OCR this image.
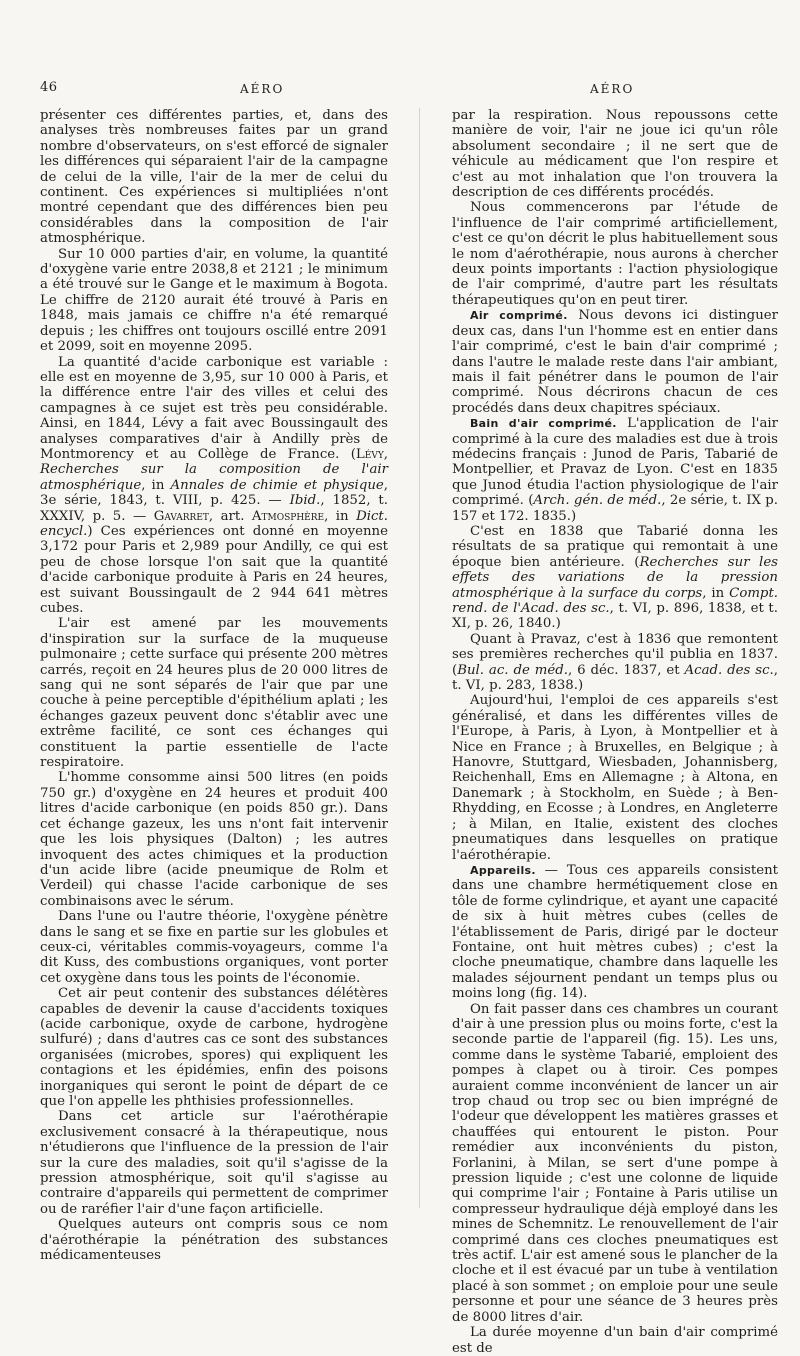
46	AÉRO	AÉRO

présenter ces différentes parties, et, dans des analyses très nombreuses faites par un grand nombre d'observateurs, on s'est efforcé de signaler les différences qui séparaient l'air de la campagne de celui de la ville, l'air de la mer de celui du continent. Ces expériences si multipliées n'ont montré cependant que des différences bien peu considérables dans la composition de l'air atmosphérique.

Sur 10 000 parties d'air, en volume, la quantité d'oxygène varie entre 2038,8 et 2121 ; le minimum a été trouvé sur le Gange et le maximum à Bogota. Le chiffre de 2120 aurait été trouvé à Paris en 1848, mais jamais ce chiffre n'a été remarqué depuis ; les chiffres ont toujours oscillé entre 2091 et 2099, soit en moyenne 2095.

La quantité d'acide carbonique est variable : elle est en moyenne de 3,95, sur 10 000 à Paris, et la différence entre l'air des villes et celui des campagnes à ce sujet est très peu considérable. Ainsi, en 1844, Lévy a fait avec Boussingault des analyses comparatives d'air à Andilly près de Montmorency et au Collège de France. (Lévy, Recherches sur la composition de l'air atmosphérique, in Annales de chimie et physique, 3e série, 1843, t. VIII, p. 425. — Ibid., 1852, t. XXXIV, p. 5. — Gavarret, art. Atmosphère, in Dict. encycl.) Ces expériences ont donné en moyenne 3,172 pour Paris et 2,989 pour Andilly, ce qui est peu de chose lorsque l'on sait que la quantité d'acide carbonique produite à Paris en 24 heures, est suivant Boussingault de 2 944 641 mètres cubes.

L'air est amené par les mouvements d'inspiration sur la surface de la muqueuse pulmonaire ; cette surface qui présente 200 mètres carrés, reçoit en 24 heures plus de 20 000 litres de sang qui ne sont séparés de l'air que par une couche à peine perceptible d'épithélium aplati ; les échanges gazeux peuvent donc s'établir avec une extrême facilité, ce sont ces échanges qui constituent la partie essentielle de l'acte respiratoire.

L'homme consomme ainsi 500 litres (en poids 750 gr.) d'oxygène en 24 heures et produit 400 litres d'acide carbonique (en poids 850 gr.). Dans cet échange gazeux, les uns n'ont fait intervenir que les lois physiques (Dalton) ; les autres invoquent des actes chimiques et la production d'un acide libre (acide pneumique de Rolm et Verdeil) qui chasse l'acide carbonique de ses combinaisons avec le sérum.

Dans l'une ou l'autre théorie, l'oxygène pénètre dans le sang et se fixe en partie sur les globules et ceux-ci, véritables commis-voyageurs, comme l'a dit Kuss, des combustions organiques, vont porter cet oxygène dans tous les points de l'économie.

Cet air peut contenir des substances délétères capables de devenir la cause d'accidents toxiques (acide carbonique, oxyde de carbone, hydrogène sulfuré) ; dans d'autres cas ce sont des substances organisées (microbes, spores) qui expliquent les contagions et les épidémies, enfin des poisons inorganiques qui seront le point de départ de ce que l'on appelle les phthisies professionnelles.

Dans cet article sur l'aérothérapie exclusivement consacré à la thérapeutique, nous n'étudierons que l'influence de la pression de l'air sur la cure des maladies, soit qu'il s'agisse de la pression atmosphérique, soit qu'il s'agisse au contraire d'appareils qui permettent de comprimer ou de raréfier l'air d'une façon artificielle.

Quelques auteurs ont compris sous ce nom d'aérothérapie la pénétration des substances médicamenteuses

par la respiration. Nous repoussons cette manière de voir, l'air ne joue ici qu'un rôle absolument secondaire ; il ne sert que de véhicule au médicament que l'on respire et c'est au mot inhalation que l'on trouvera la description de ces différents procédés.

Nous commencerons par l'étude de l'influence de l'air comprimé artificiellement, c'est ce qu'on décrit le plus habituellement sous le nom d'aérothérapie, nous aurons à chercher deux points importants : l'action physiologique de l'air comprimé, d'autre part les résultats thérapeutiques qu'on en peut tirer.

Air comprimé. Nous devons ici distinguer deux cas, dans l'un l'homme est en entier dans l'air comprimé, c'est le bain d'air comprimé ; dans l'autre le malade reste dans l'air ambiant, mais il fait pénétrer dans le poumon de l'air comprimé. Nous décrirons chacun de ces procédés dans deux chapitres spéciaux.

Bain d'air comprimé. L'application de l'air comprimé à la cure des maladies est due à trois médecins français : Junod de Paris, Tabarié de Montpellier, et Pravaz de Lyon. C'est en 1835 que Junod étudia l'action physiologique de l'air comprimé. (Arch. gén. de méd., 2e série, t. IX p. 157 et 172. 1835.)

C'est en 1838 que Tabarié donna les résultats de sa pratique qui remontait à une époque bien antérieure. (Recherches sur les effets des variations de la pression atmosphérique à la surface du corps, in Compt. rend. de l'Acad. des sc., t. VI, p. 896, 1838, et t. XI, p. 26, 1840.)

Quant à Pravaz, c'est à 1836 que remontent ses premières recherches qu'il publia en 1837. (Bul. ac. de méd., 6 déc. 1837, et Acad. des sc., t. VI, p. 283, 1838.)

Aujourd'hui, l'emploi de ces appareils s'est généralisé, et dans les différentes villes de l'Europe, à Paris, à Lyon, à Montpellier et à Nice en France ; à Bruxelles, en Belgique ; à Hanovre, Stuttgard, Wiesbaden, Johannisberg, Reichenhall, Ems en Allemagne ; à Altona, en Danemark ; à Stockholm, en Suède ; à Ben-Rhydding, en Ecosse ; à Londres, en Angleterre ; à Milan, en Italie, existent des cloches pneumatiques dans lesquelles on pratique l'aérothérapie.

Appareils. — Tous ces appareils consistent dans une chambre hermétiquement close en tôle de forme cylindrique, et ayant une capacité de six à huit mètres cubes (celles de l'établissement de Paris, dirigé par le docteur Fontaine, ont huit mètres cubes) ; c'est la cloche pneumatique, chambre dans laquelle les malades séjournent pendant un temps plus ou moins long (fig. 14).

On fait passer dans ces chambres un courant d'air à une pression plus ou moins forte, c'est la seconde partie de l'appareil (fig. 15). Les uns, comme dans le système Tabarié, emploient des pompes à clapet ou à tiroir. Ces pompes auraient comme inconvénient de lancer un air trop chaud ou trop sec ou bien imprégné de l'odeur que développent les matières grasses et chauffées qui entourent le piston. Pour remédier aux inconvénients du piston, Forlanini, à Milan, se sert d'une pompe à pression liquide ; c'est une colonne de liquide qui comprime l'air ; Fontaine à Paris utilise un compresseur hydraulique déjà employé dans les mines de Schemnitz. Le renouvellement de l'air comprimé dans ces cloches pneumatiques est très actif. L'air est amené sous le plancher de la cloche et il est évacué par un tube à ventilation placé à son sommet ; on emploie pour une seule personne et pour une séance de 3 heures près de 8000 litres d'air.

La durée moyenne d'un bain d'air comprimé est de
